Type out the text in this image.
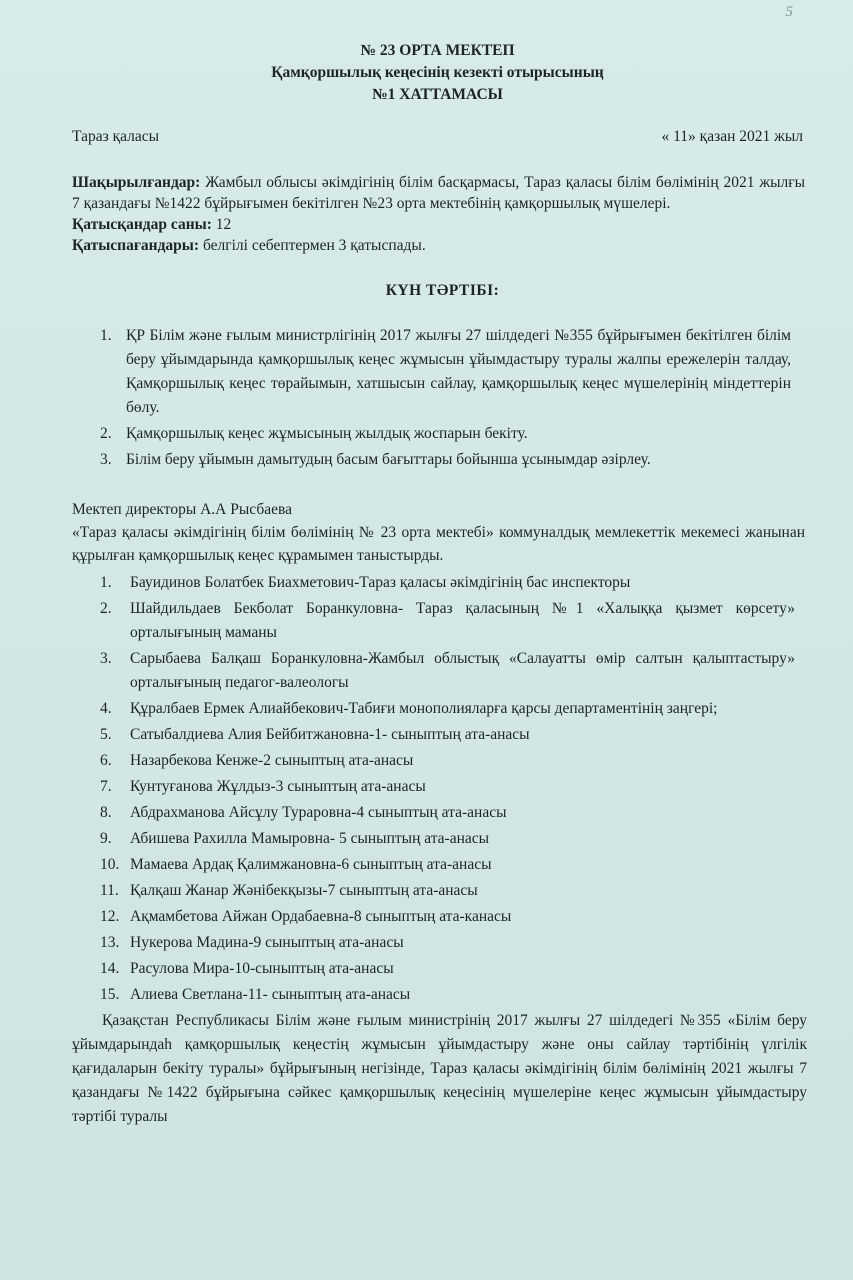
5
№ 23 ОРТА МЕКТЕП
Қамқоршылық кеңесінің кезекті отырысының
№1 ХАТТАМАСЫ
Тараз қаласы	« 11» қазан 2021 жыл
Шақырылғандар: Жамбыл облысы әкімдігінің білім басқармасы, Тараз қаласы білім бөлімінің 2021 жылғы 7 қазандағы №1422 бұйрығымен бекітілген №23 орта мектебінің қамқоршылық мүшелері.
Қатысқандар саны: 12
Қатыспағандары: белгілі себептермен 3 қатыспады.
КҮН ТӘРТІБІ:
1. ҚР Білім және ғылым министрлігінің 2017 жылғы 27 шілдедегі №355 бұйрығымен бекітілген білім беру ұйымдарында қамқоршылық кеңес жұмысын ұйымдастыру туралы жалпы ережелерін талдау, Қамқоршылық кеңес төрайымын, хатшысын сайлау, қамқоршылық кеңес мүшелерінің міндеттерін бөлу.
2. Қамқоршылық кеңес жұмысының жылдық жоспарын бекіту.
3. Білім беру ұйымын дамытудың басым бағыттары бойынша ұсынымдар әзірлеу.
Мектеп директоры А.А Рысбаева
«Тараз қаласы әкімдігінің білім бөлімінің № 23 орта мектебі» коммуналдық мемлекеттік мекемесі жанынан құрылған қамқоршылық кеңес құрамымен таныстырды.
1.	Бауидинов Болатбек Биахметович-Тараз қаласы әкімдігінің бас инспекторы
2.	Шайдильдаев Бекболат Боранкуловна- Тараз қаласының №1 «Халыққа қызмет көрсету» орталығының маманы
3.	Сарыбаева Балқаш Боранкуловна-Жамбыл облыстық «Салауатты өмір салтын қалыптастыру» орталығының педагог-валеологы
4.	Құралбаев Ермек Алиайбекович-Табиғи монополияларға қарсы департаментінің заңгері;
5.	Сатыбалдиева Алия Бейбитжановна-1- сыныптың ата-анасы
6.	Назарбекова Кенже-2 сыныптың ата-анасы
7.	Кунтуғанова Жұлдыз-3 сыныптың ата-анасы
8.	Абдрахманова Айсұлу Тураровна-4 сыныптың ата-анасы
9.	Абишева Рахилла Мамыровна- 5 сыныптың ата-анасы
10. Мамаева Ардақ Қалимжановна-6 сыныптың ата-анасы
11. Қалқаш Жанар Жәнібекқызы-7 сыныптың ата-анасы
12. Ақмамбетова Айжан Ордабаевна-8 сыныптың ата-канасы
13. Нукерова Мадина-9 сыныптың ата-анасы
14. Расулова Мира-10-сыныптың ата-анасы
15. Алиева Светлана-11- сыныптың ата-анасы
Қазақстан Республикасы Білім және ғылым министрінің 2017 жылғы 27 шілдедегі №355 «Білім беру ұйымдарындаh қамқоршылық кеңестің жұмысын ұйымдастыру және оны сайлау тәртібінің үлгілік қағидаларын бекіту туралы» бұйрығының негізінде, Тараз қаласы әкімдігінің білім бөлімінің 2021 жылғы 7 қазандағы №1422 бұйрығына сәйкес қамқоршылық кеңесінің мүшелеріне кеңес жұмысын ұйымдастыру тәртібі туралы
